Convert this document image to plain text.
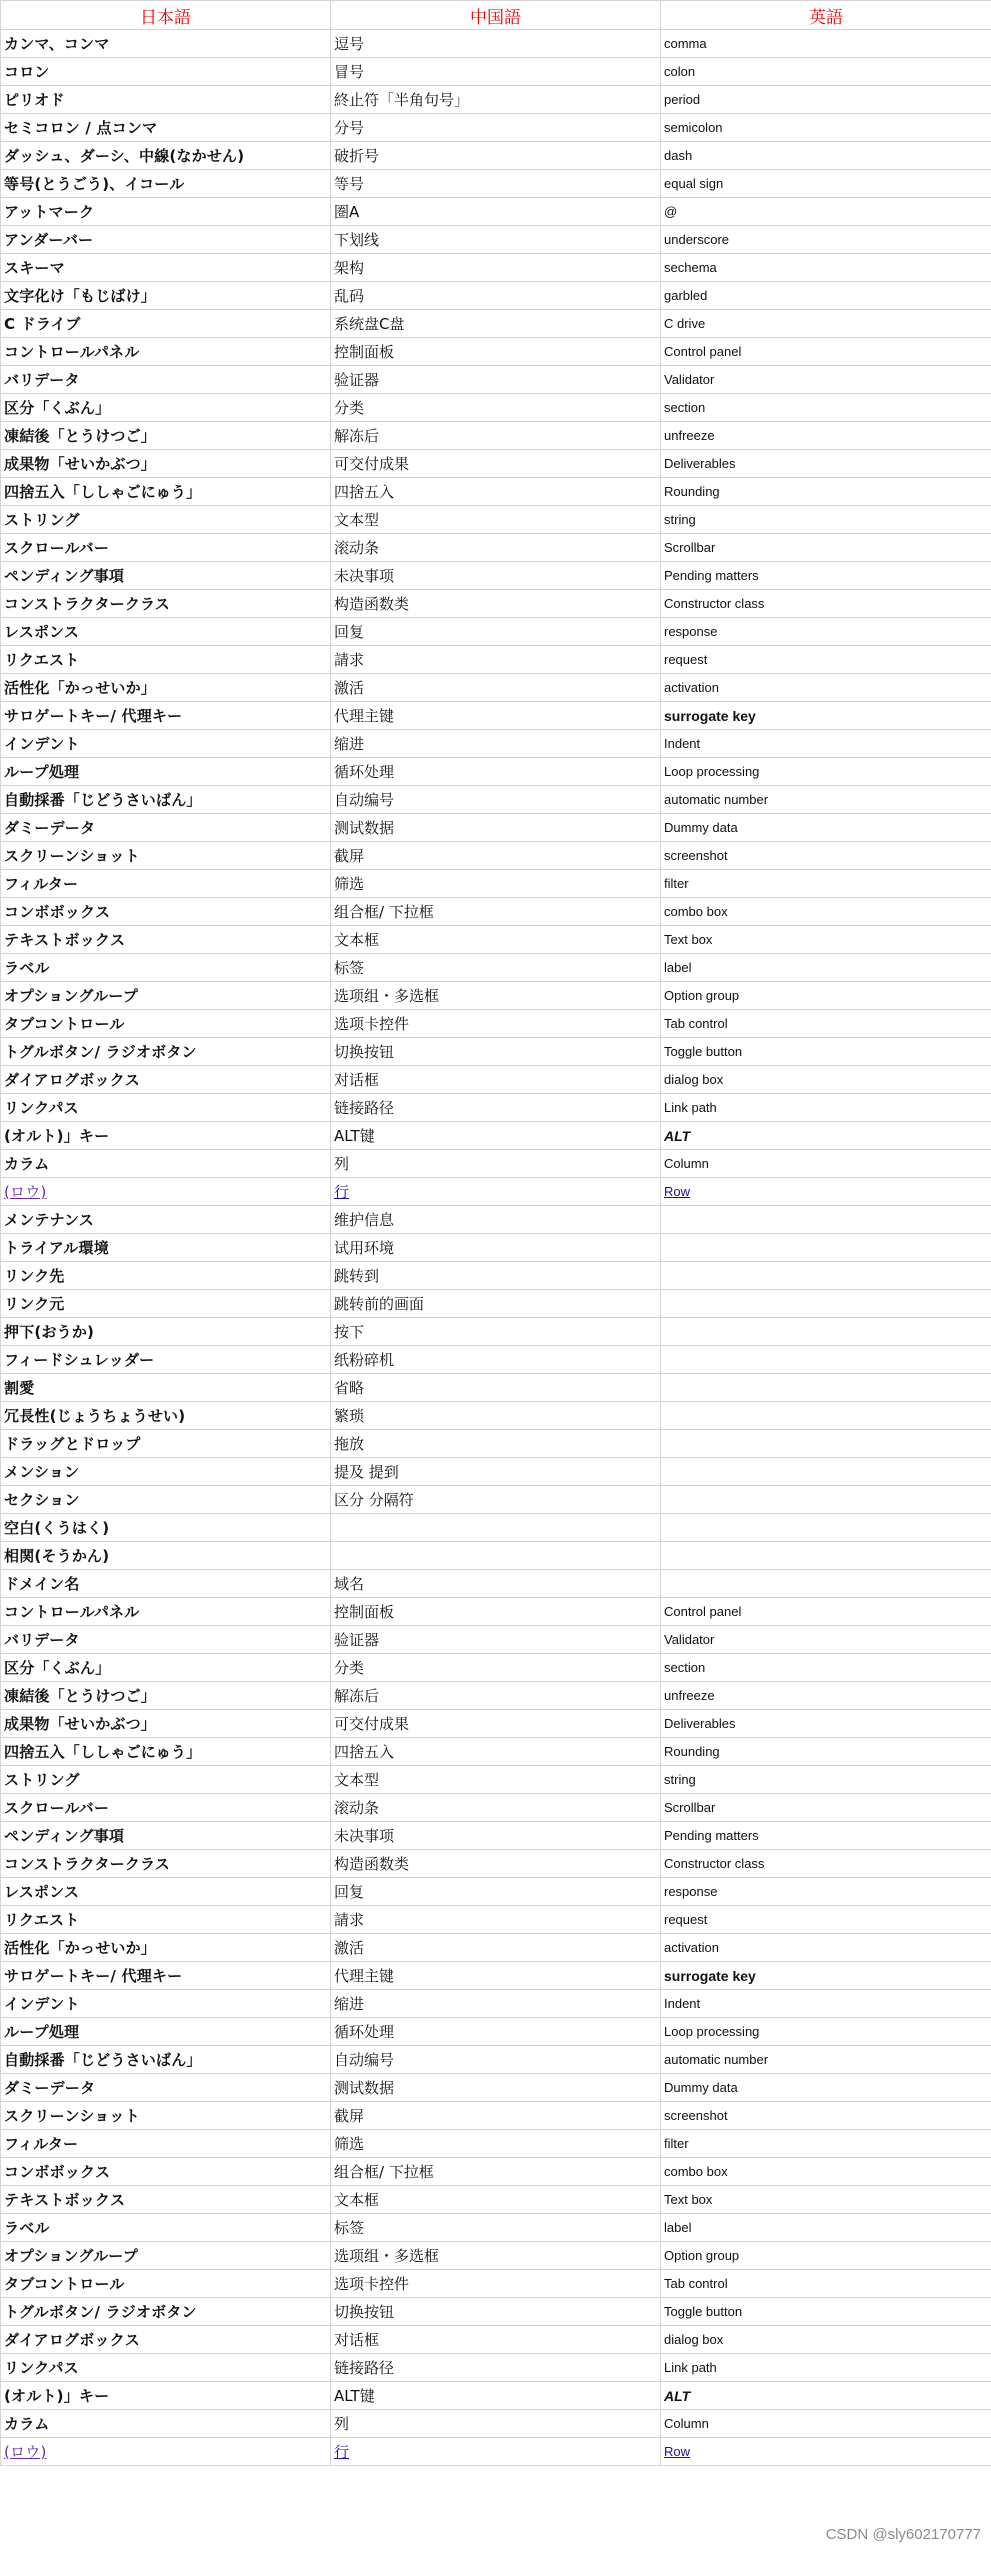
日本語	中国語	英語
カンマ、コンマ	逗号	comma
コロン	冒号	colon
ピリオド	終止符「半角句号」	period
セミコロン / 点コンマ	分号	semicolon
ダッシュ、ダーシ、中線(なかせん)	破折号	dash
等号(とうごう)、イコール	等号	equal sign
アットマーク	圏A	@
アンダーバー	下划线	underscore
スキーマ	架构	sechema
文字化け「もじばけ」	乱码	garbled
C ドライブ	系统盘C盘	C drive
コントロールパネル	控制面板	Control panel
バリデータ	验证器	Validator
区分「くぶん」	分类	section
凍結後「とうけつご」	解冻后	unfreeze
成果物「せいかぶつ」	可交付成果	Deliverables
四捨五入「ししゃごにゅう」	四捨五入	Rounding
ストリング	文本型	string
スクロールバー	滚动条	Scrollbar
ペンディング事項	未决事项	Pending matters
コンストラクタークラス	构造函数类	Constructor class
レスポンス	回复	response
リクエスト	請求	request
活性化「かっせいか」	激活	activation
サロゲートキー/ 代理キー	代理主键	surrogate key
インデント	缩进	Indent
ループ処理	循环处理	Loop processing
自動採番「じどうさいばん」	自动编号	automatic number
ダミーデータ	测试数据	Dummy data
スクリーンショット	截屏	screenshot
フィルター	筛选	filter
コンボボックス	组合框/ 下拉框	combo box
テキストボックス	文本框	Text box
ラベル	标签	label
オプショングループ	选项组・多选框	Option group
タブコントロール	选项卡控件	Tab control
トグルボタン/ ラジオボタン	切换按钮	Toggle button
ダイアログボックス	对话框	dialog box
リンクパス	链接路径	Link path
(オルト)」キー	ALT键	ALT
カラム	列	Column
(ロウ)	行	Row
メンテナンス	维护信息	
トライアル環境	试用环境	
リンク先	跳转到	
リンク元	跳转前的画面	
押下(おうか)	按下	
フィードシュレッダー	纸粉碎机	
割愛	省略	
冗長性(じょうちょうせい)	繁琐	
ドラッグとドロップ	拖放	
メンション	提及 提到	
セクション	区分 分隔符	
空白(くうはく)		
相関(そうかん)		
ドメイン名	域名	
コントロールパネル	控制面板	Control panel
バリデータ	验证器	Validator
区分「くぶん」	分类	section
凍結後「とうけつご」	解冻后	unfreeze
成果物「せいかぶつ」	可交付成果	Deliverables
四捨五入「ししゃごにゅう」	四捨五入	Rounding
ストリング	文本型	string
スクロールバー	滚动条	Scrollbar
ペンディング事項	未决事项	Pending matters
コンストラクタークラス	构造函数类	Constructor class
レスポンス	回复	response
リクエスト	請求	request
活性化「かっせいか」	激活	activation
サロゲートキー/ 代理キー	代理主键	surrogate key
インデント	缩进	Indent
ループ処理	循环处理	Loop processing
自動採番「じどうさいばん」	自动编号	automatic number
ダミーデータ	测试数据	Dummy data
スクリーンショット	截屏	screenshot
フィルター	筛选	filter
コンボボックス	组合框/ 下拉框	combo box
テキストボックス	文本框	Text box
ラベル	标签	label
オプショングループ	选项组・多选框	Option group
タブコントロール	选项卡控件	Tab control
トグルボタン/ ラジオボタン	切换按钮	Toggle button
ダイアログボックス	对话框	dialog box
リンクパス	链接路径	Link path
(オルト)」キー	ALT键	ALT
カラム	列	Column
(ロウ)	行	Row
CSDN @sly602170777
